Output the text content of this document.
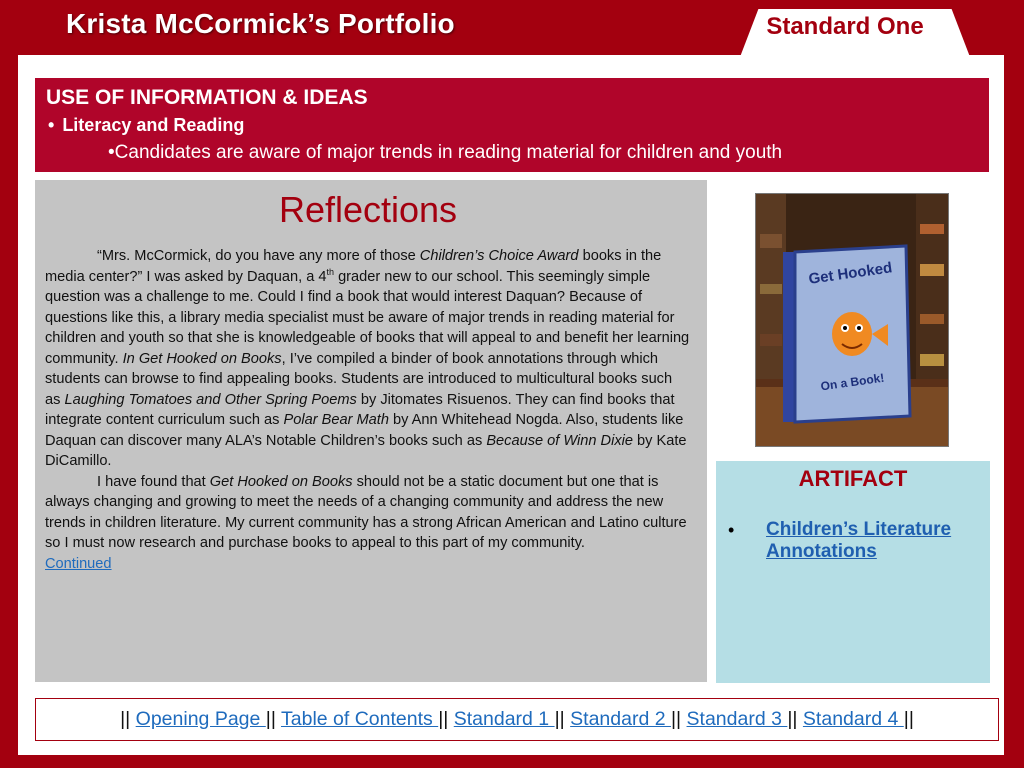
Krista McCormick’s Portfolio	Standard One
USE OF INFORMATION & IDEAS
• Literacy and Reading
•Candidates are aware of major trends in reading material for children and youth
Reflections

“Mrs. McCormick, do you have any more of those Children’s Choice Award books in the media center?” I was asked by Daquan, a 4th grader new to our school. This seemingly simple question was a challenge to me. Could I find a book that would interest Daquan? Because of questions like this, a library media specialist must be aware of major trends in reading material for children and youth so that she is knowledgeable of books that will appeal to and benefit her learning community. In Get Hooked on Books, I’ve compiled a binder of book annotations through which students can browse to find appealing books. Students are introduced to multicultural books such as Laughing Tomatoes and Other Spring Poems by Jitomates Risuenos. They can find books that integrate content curriculum such as Polar Bear Math by Ann Whitehead Nogda. Also, students like Daquan can discover many ALA’s Notable Children’s books such as Because of Winn Dixie by Kate DiCamillo.

I have found that Get Hooked on Books should not be a static document but one that is always changing and growing to meet the needs of a changing community and address the new trends in children literature. My current community has a strong African American and Latino culture so I must now research and purchase books to appeal to this part of my community.

Continued
Get Hooked
On a Book!
ARTIFACT
• Children’s Literature Annotations
|| Opening Page || Table of Contents || Standard 1 || Standard 2 || Standard 3 || Standard 4 ||
